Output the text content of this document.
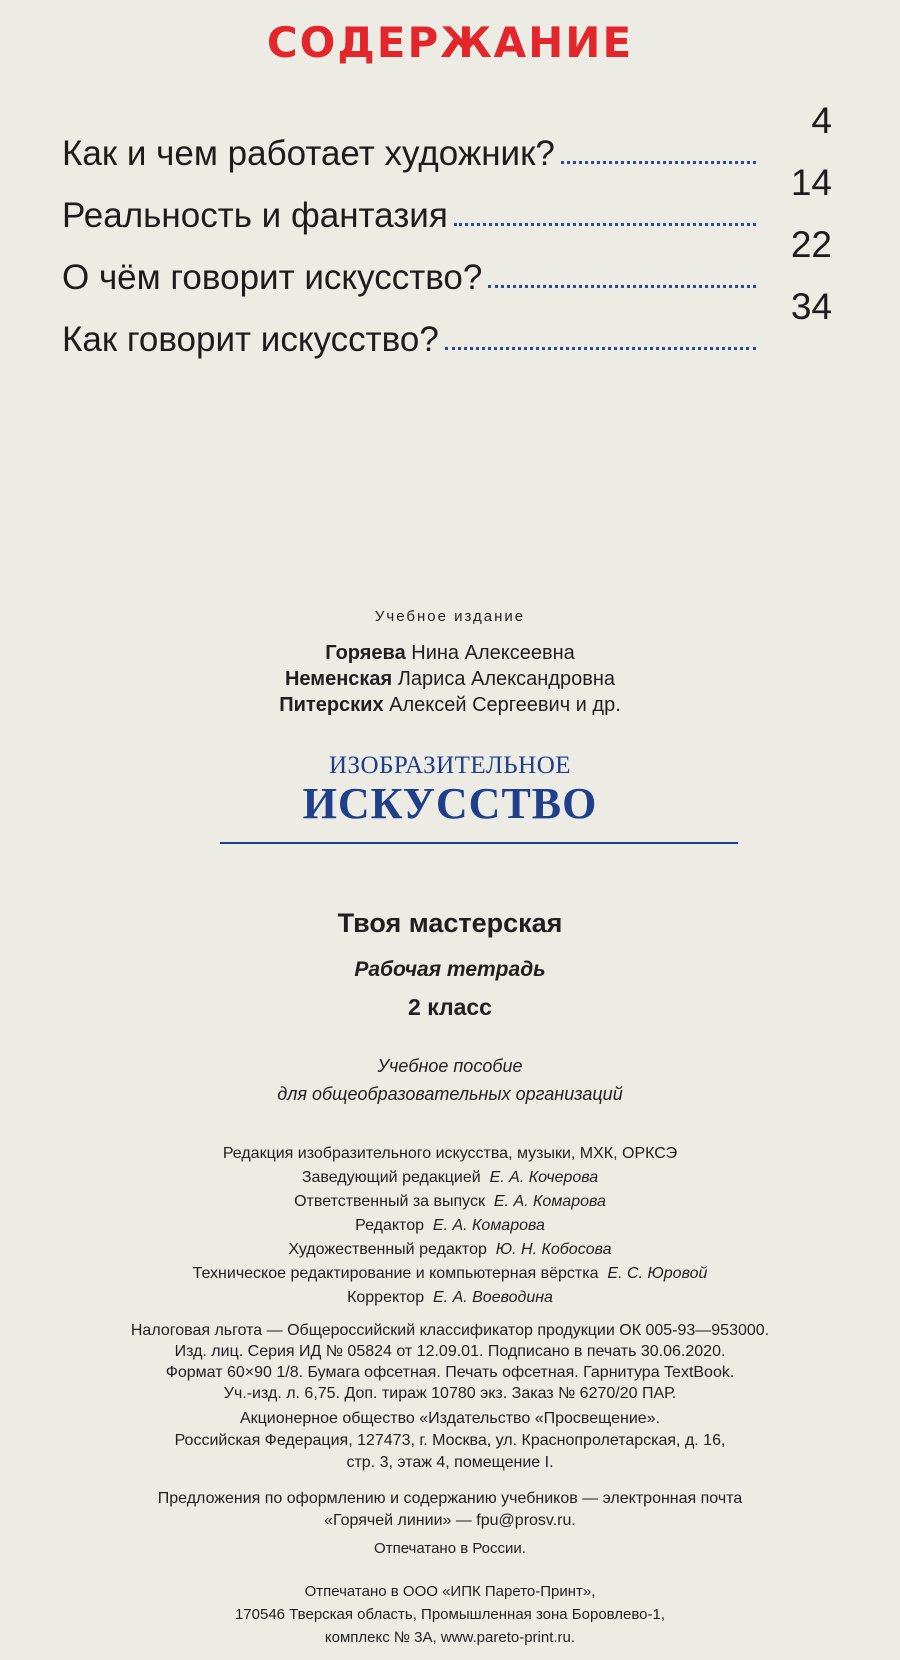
СОДЕРЖАНИЕ
Как и чем работает художник?
4
Реальность и фантазия
14
О чём говорит искусство?
22
Как говорит искусство?
34
Учебное издание
Горяева Нина Алексеевна
Неменская Лариса Александровна
Питерских Алексей Сергеевич и др.
ИЗОБРАЗИТЕЛЬНОЕ
ИСКУССТВО
Твоя мастерская
Рабочая тетрадь
2 класс
Учебное пособие
для общеобразовательных организаций
Редакция изобразительного искусства, музыки, МХК, ОРКСЭ
Заведующий редакцией Е. А. Кочерова
Ответственный за выпуск Е. А. Комарова
Редактор Е. А. Комарова
Художественный редактор Ю. Н. Кобосова
Техническое редактирование и компьютерная вёрстка Е. С. Юровой
Корректор Е. А. Воеводина
Налоговая льгота — Общероссийский классификатор продукции ОК 005-93—953000.
Изд. лиц. Серия ИД № 05824 от 12.09.01. Подписано в печать 30.06.2020.
Формат 60×90 1/8. Бумага офсетная. Печать офсетная. Гарнитура TextBook.
Уч.-изд. л. 6,75. Доп. тираж 10780 экз. Заказ № 6270/20 ПАР.
Акционерное общество «Издательство «Просвещение».
Российская Федерация, 127473, г. Москва, ул. Краснопролетарская, д. 16,
стр. 3, этаж 4, помещение I.
Предложения по оформлению и содержанию учебников — электронная почта
«Горячей линии» — fpu@prosv.ru.
Отпечатано в России.
Отпечатано в ООО «ИПК Парето-Принт»,
170546 Тверская область, Промышленная зона Боровлево-1,
комплекс № 3А, www.pareto-print.ru.
